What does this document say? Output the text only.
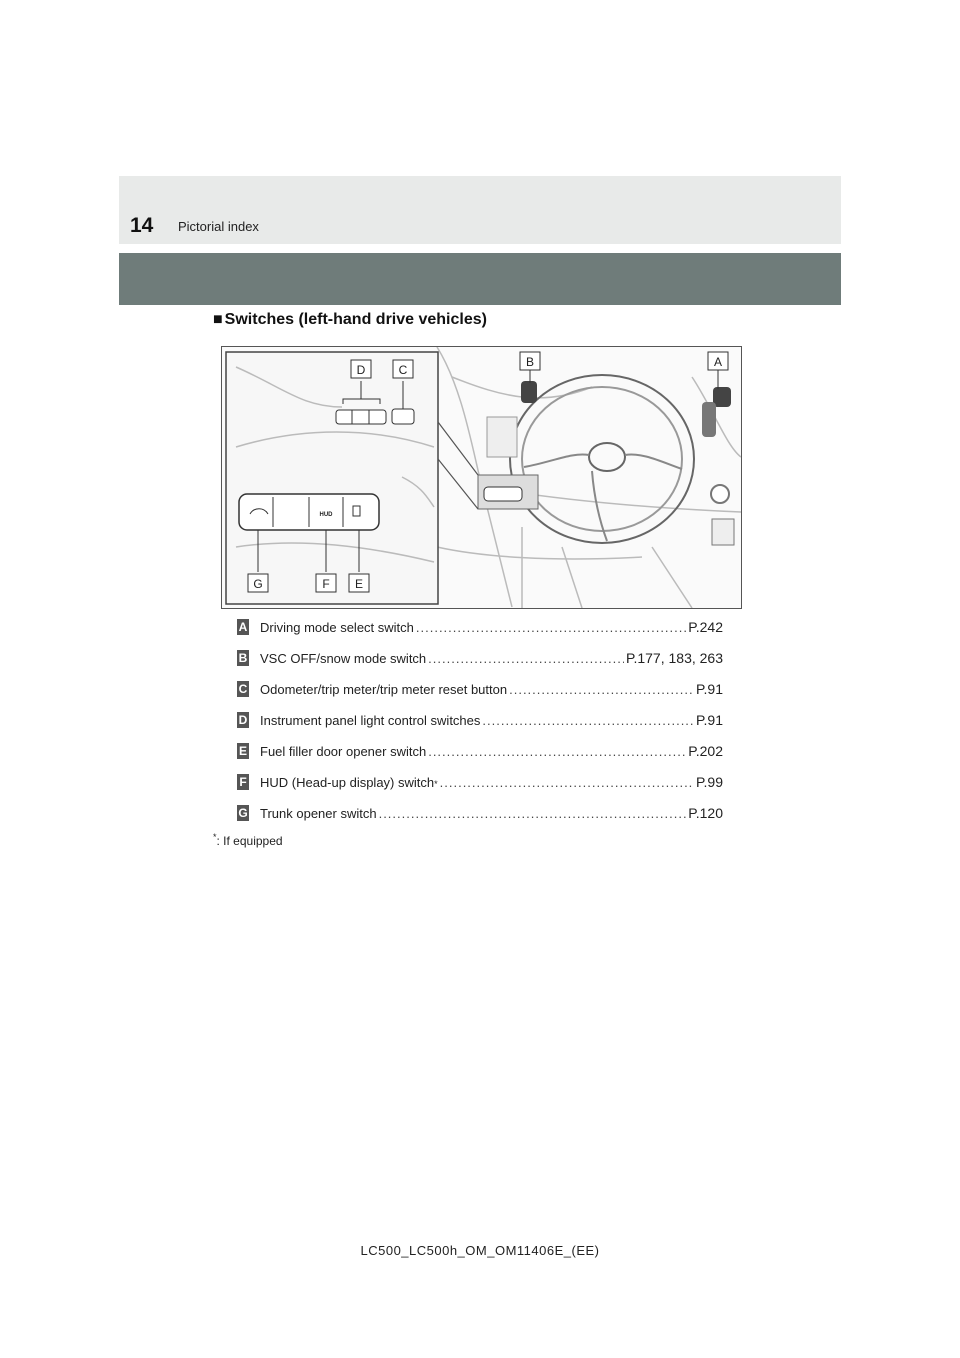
14 Pictorial index
■ Switches (left-hand drive vehicles)
HUD
D	C
B	A
G	F E
A Driving mode select switch .....	P.242
B VSC OFF/snow mode switch .....	P.177, 183, 263
C Odometer/trip meter/trip meter reset button .....	P.91
D Instrument panel light control switches .....	P.91
E Fuel filler door opener switch .....	P.202
F HUD (Head-up display) switch * .....	P.99
G Trunk opener switch .....	P.120
*: If equipped
LC500_LC500h_OM_OM11406E_(EE)
